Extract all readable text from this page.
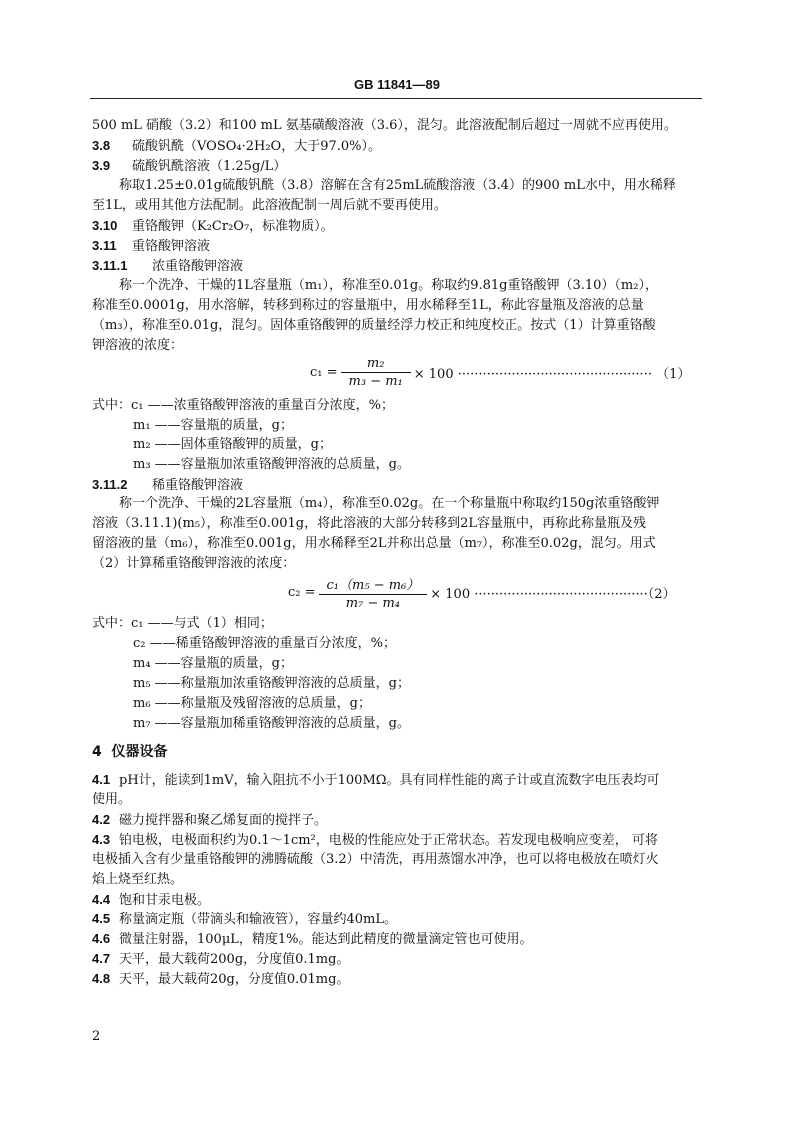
GB 11841—89
500 mL 硝酸（3.2）和100 mL 氨基磺酸溶液（3.6），混匀。此溶液配制后超过一周就不应再使用。
3.8 硫酸钒酰（VOSO₄·2H₂O，大于97.0%）。
3.9 硫酸钒酰溶液（1.25g/L）
称取1.25±0.01g硫酸钒酰（3.8）溶解在含有25mL硫酸溶液（3.4）的900 mL水中，用水稀释
至1L，或用其他方法配制。此溶液配制一周后就不要再使用。
3.10 重铬酸钾（K₂Cr₂O₇，标准物质）。
3.11 重铬酸钾溶液
3.11.1 浓重铬酸钾溶液
称一个洗净、干燥的1L容量瓶（m₁），称准至0.01g。称取约9.81g重铬酸钾（3.10）（m₂），
称准至0.0001g，用水溶解，转移到称过的容量瓶中，用水稀释至1L，称此容量瓶及溶液的总量
（m₃），称准至0.01g，混匀。固体重铬酸钾的质量经浮力校正和纯度校正。按式（1）计算重铬酸
钾溶液的浓度：
c₁ =
m₂
m₃ − m₁ × 100 ··············································· （1）
式中：c₁ ——浓重铬酸钾溶液的重量百分浓度，%；
m₁ ——容量瓶的质量，g；
m₂ ——固体重铬酸钾的质量，g；
m₃ ——容量瓶加浓重铬酸钾溶液的总质量，g。
3.11.2 稀重铬酸钾溶液
称一个洗净、干燥的2L容量瓶（m₄），称准至0.02g。在一个称量瓶中称取约150g浓重铬酸钾
溶液（3.11.1)(m₅），称准至0.001g，将此溶液的大部分转移到2L容量瓶中，再称此称量瓶及残
留溶液的量（m₆），称准至0.001g，用水稀释至2L并称出总量（m₇），称准至0.02g，混匀。用式
（2）计算稀重铬酸钾溶液的浓度：
c₂ = c₁（m₅ − m₆）
m₇ − m₄
× 100 ··········································（2）
式中：c₁ ——与式（1）相同；
c₂ ——稀重铬酸钾溶液的重量百分浓度，%；
m₄ ——容量瓶的质量，g；
m₅ ——称量瓶加浓重铬酸钾溶液的总质量，g；
m₆ ——称量瓶及残留溶液的总质量，g；
m₇ ——容量瓶加稀重铬酸钾溶液的总质量，g。
4 仪器设备
4.1 pH计，能读到1mV，输入阻抗不小于100MΩ。具有同样性能的离子计或直流数字电压表均可
使用。
4.2 磁力搅拌器和聚乙烯复面的搅拌子。
4.3 铂电极，电极面积约为0.1～1cm²，电极的性能应处于正常状态。若发现电极响应变差， 可将
电极插入含有少量重铬酸钾的沸腾硫酸（3.2）中清洗，再用蒸馏水冲净，也可以将电极放在喷灯火
焰上烧至红热。
4.4 饱和甘汞电极。
4.5 称量滴定瓶（带滴头和输液管），容量约40mL。
4.6 微量注射器，100μL，精度1%。能达到此精度的微量滴定管也可使用。
4.7 天平，最大载荷200g，分度值0.1mg。
4.8 天平，最大载荷20g，分度值0.01mg。
2
